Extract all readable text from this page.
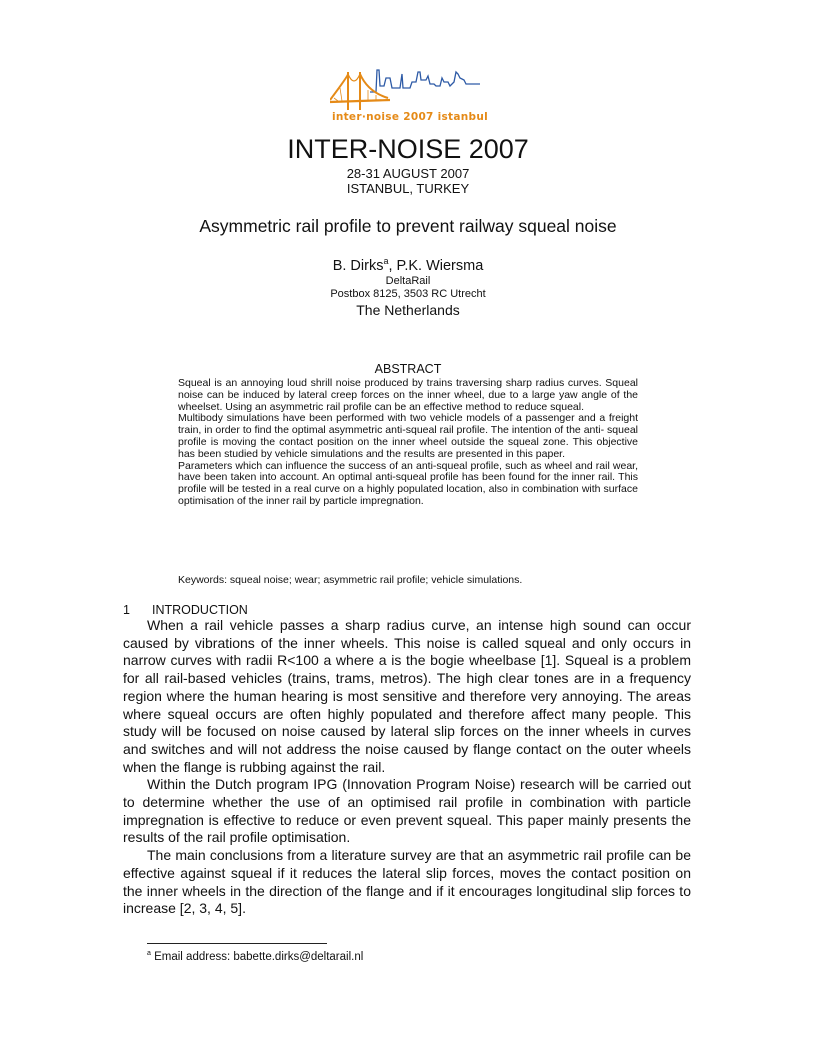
inter·noise 2007 istanbul
INTER-NOISE 2007
28-31 AUGUST 2007
ISTANBUL, TURKEY
Asymmetric rail profile to prevent railway squeal noise
B. Dirks$^a$, P.K. Wiersma
DeltaRail
Postbox 8125, 3503 RC Utrecht
The Netherlands
ABSTRACT

Squeal is an annoying loud shrill noise produced by trains traversing sharp radius curves. Squeal noise can be induced by lateral creep forces on the inner wheel, due to a large yaw angle of the wheelset. Using an asymmetric rail profile can be an effective method to reduce squeal.

Multibody simulations have been performed with two vehicle models of a passenger and a freight train, in order to find the optimal asymmetric anti-squeal rail profile. The intention of the anti- squeal profile is moving the contact position on the inner wheel outside the squeal zone. This objective has been studied by vehicle simulations and the results are presented in this paper.

Parameters which can influence the success of an anti-squeal profile, such as wheel and rail wear, have been taken into account. An optimal anti-squeal profile has been found for the inner rail. This profile will be tested in a real curve on a highly populated location, also in combination with surface optimisation of the inner rail by particle impregnation.

Keywords: squeal noise; wear; asymmetric rail profile; vehicle simulations.
1 INTRODUCTION

When a rail vehicle passes a sharp radius curve, an intense high sound can occur caused by vibrations of the inner wheels. This noise is called squeal and only occurs in narrow curves with radii R<100 a where a is the bogie wheelbase [1]. Squeal is a problem for all rail-based vehicles (trains, trams, metros). The high clear tones are in a frequency region where the human hearing is most sensitive and therefore very annoying. The areas where squeal occurs are often highly populated and therefore affect many people. This study will be focused on noise caused by lateral slip forces on the inner wheels in curves and switches and will not address the noise caused by flange contact on the outer wheels when the flange is rubbing against the rail.

Within the Dutch program IPG (Innovation Program Noise) research will be carried out to determine whether the use of an optimised rail profile in combination with particle impregnation is effective to reduce or even prevent squeal. This paper mainly presents the results of the rail profile optimisation.

The main conclusions from a literature survey are that an asymmetric rail profile can be effective against squeal if it reduces the lateral slip forces, moves the contact position on the inner wheels in the direction of the flange and if it encourages longitudinal slip forces to increase [2, 3, 4, 5].

$^a$ Email address: babette.dirks@deltarail.nl
